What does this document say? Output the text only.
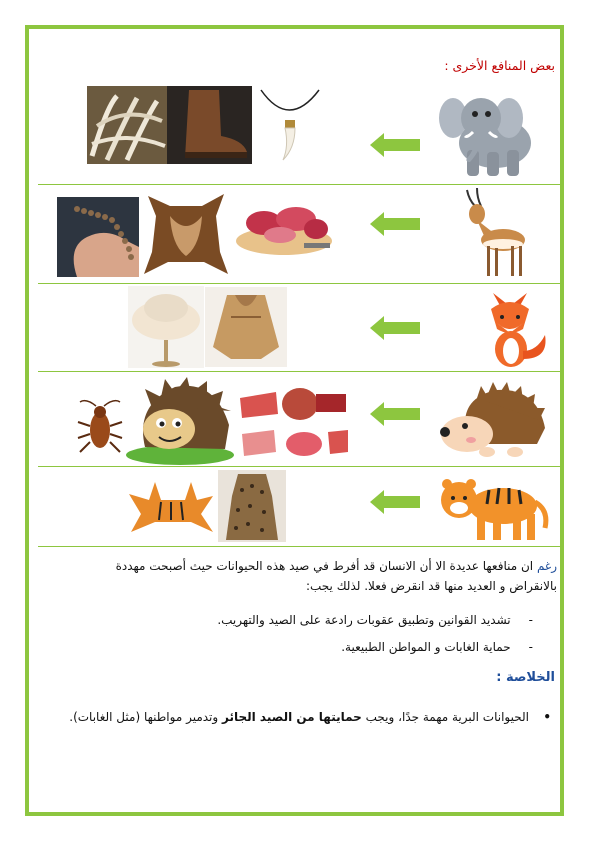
بعض المنافع الأخرى :
رغم ان منافعها عديدة الا أن الانسان قد أفرط في صيد هذه الحيوانات حيث أصبحت مهددة
بالانقراض و العديد منها قد انقرض فعلا. لذلك يجب:
-تشديد القوانين وتطبيق عقوبات رادعة على الصيد والتهريب.
-حماية الغابات و المواطن الطبيعية.
الخلاصة :
•
الحيوانات البرية مهمة جدًا، ويجب حمايتها من الصيد الجائر وتدمير مواطنها (مثل الغابات).
